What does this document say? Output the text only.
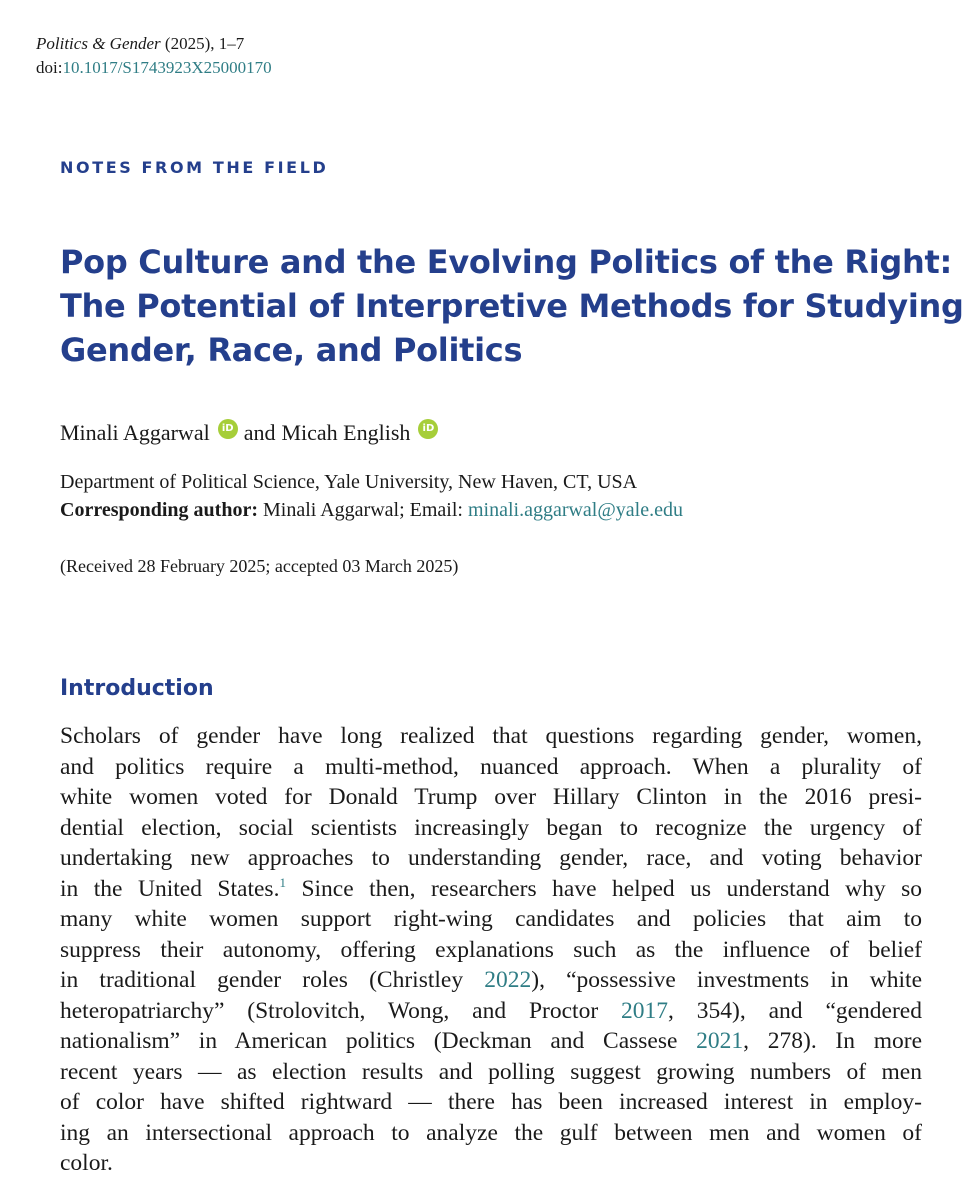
Politics & Gender (2025), 1–7
doi:10.1017/S1743923X25000170
NOTES FROM THE FIELD
Pop Culture and the Evolving Politics of the Right:
The Potential of Interpretive Methods for Studying
Gender, Race, and Politics
Minali Aggarwal	iD and Micah English	iD
Department of Political Science, Yale University, New Haven, CT, USA
Corresponding author: Minali Aggarwal; Email: minali.aggarwal@yale.edu
(Received 28 February 2025; accepted 03 March 2025)
Introduction
Scholars of gender have long realized that questions regarding gender, women,
and politics require a multi-method, nuanced approach. When a plurality of
white women voted for Donald Trump over Hillary Clinton in the 2016 presi-
dential election, social scientists increasingly began to recognize the urgency of
undertaking new approaches to understanding gender, race, and voting behavior
in the United States.$^1$ Since then, researchers have helped us understand why so
many white women support right-wing candidates and policies that aim to
suppress their autonomy, offering explanations such as the influence of belief
in traditional gender roles (Christley 2022), “possessive investments in white
heteropatriarchy” (Strolovitch, Wong, and Proctor 2017, 354), and “gendered
nationalism” in American politics (Deckman and Cassese 2021, 278). In more
recent years — as election results and polling suggest growing numbers of men
of color have shifted rightward — there has been increased interest in employ-
ing an intersectional approach to analyze the gulf between men and women of
color.
